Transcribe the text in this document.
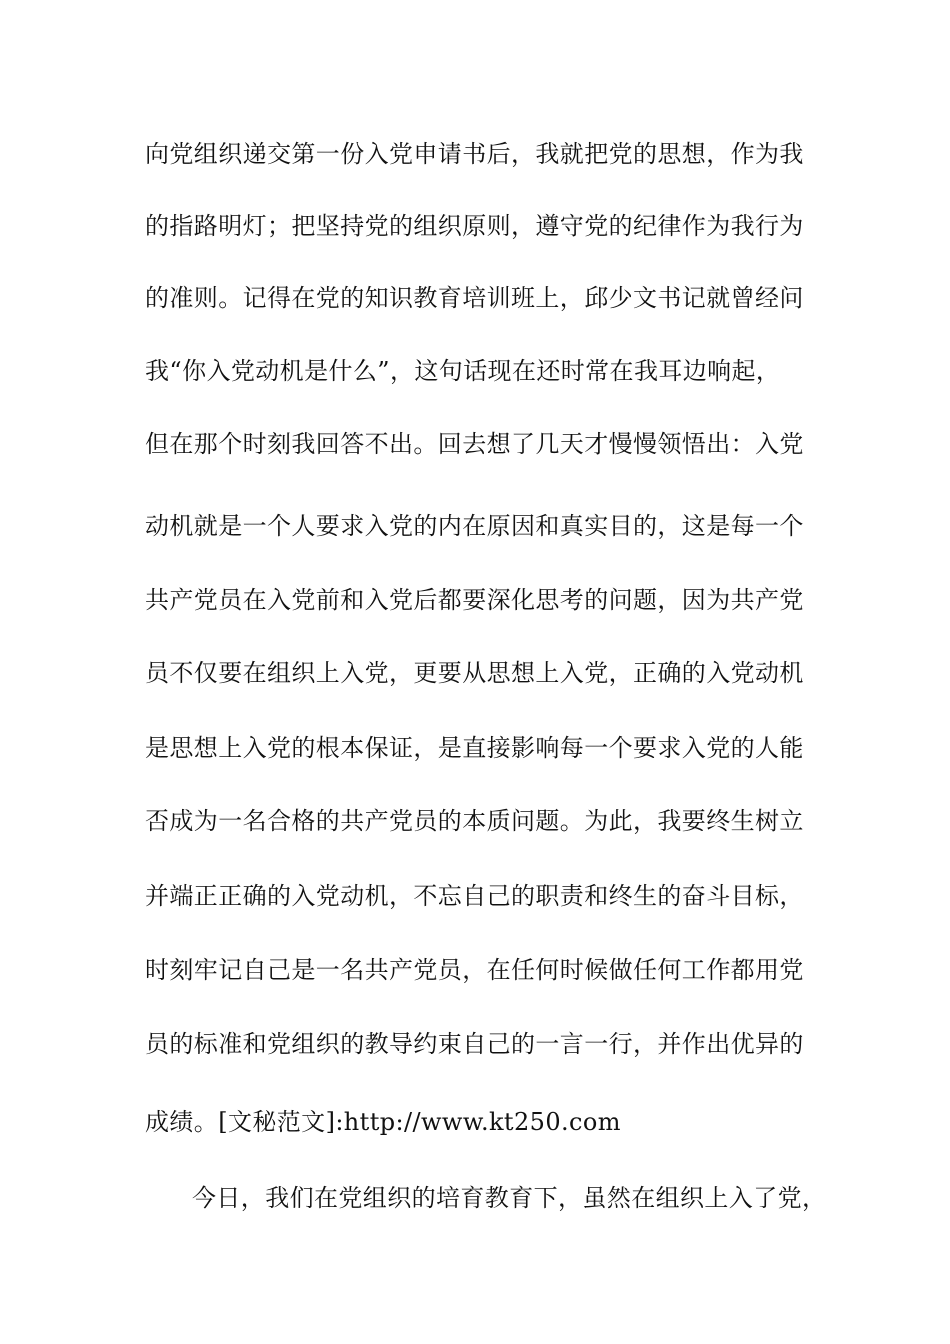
向党组织递交第一份入党申请书后，我就把党的思想，作为我
的指路明灯；把坚持党的组织原则，遵守党的纪律作为我行为
的准则。记得在党的知识教育培训班上，邱少文书记就曾经问
我“你入党动机是什么”，这句话现在还时常在我耳边响起，
但在那个时刻我回答不出。回去想了几天才慢慢领悟出：入党
动机就是一个人要求入党的内在原因和真实目的，这是每一个
共产党员在入党前和入党后都要深化思考的问题，因为共产党
员不仅要在组织上入党，更要从思想上入党，正确的入党动机
是思想上入党的根本保证，是直接影响每一个要求入党的人能
否成为一名合格的共产党员的本质问题。为此，我要终生树立
并端正正确的入党动机，不忘自己的职责和终生的奋斗目标，
时刻牢记自己是一名共产党员，在任何时候做任何工作都用党
员的标准和党组织的教导约束自己的一言一行，并作出优异的
成绩。[文秘范文]:http://www.kt250.com
今日，我们在党组织的培育教育下，虽然在组织上入了党，
